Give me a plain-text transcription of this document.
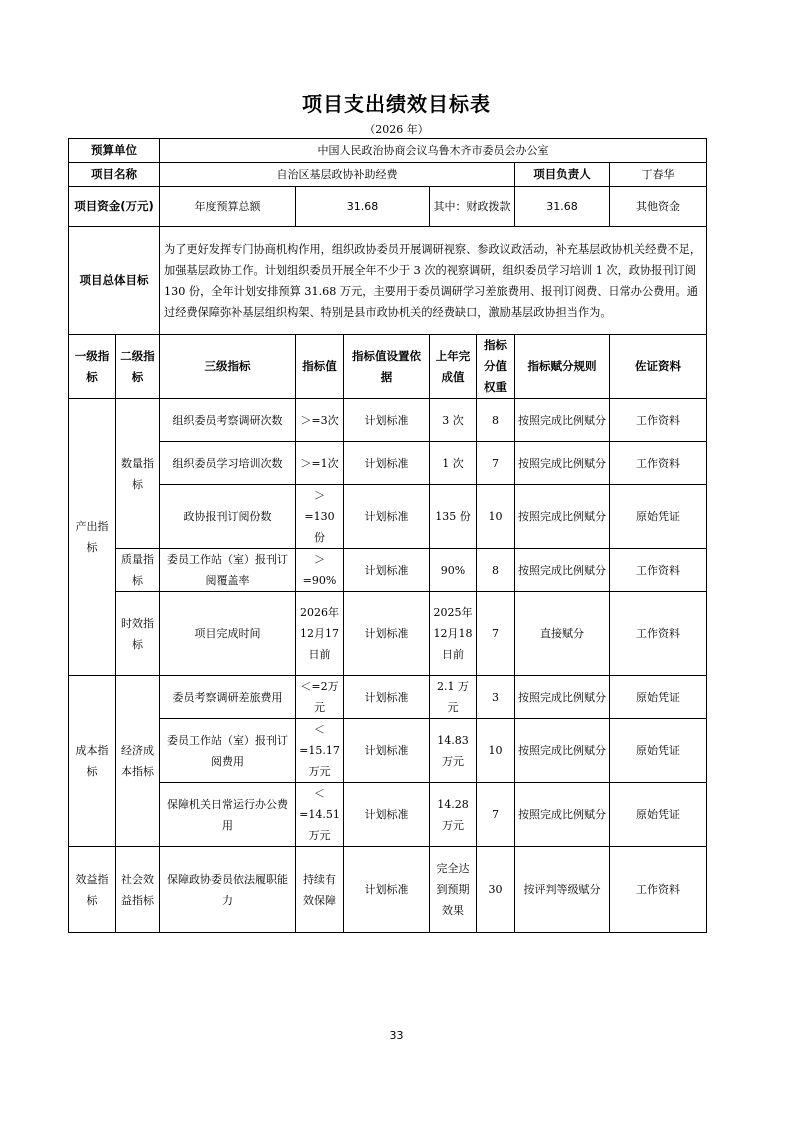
项目支出绩效目标表
（2026 年）
预算单位		中国人民政治协商会议乌鲁木齐市委员会办公室							
项目名称		自治区基层政协补助经费					项目负责人	丁春华	
项目资金(万元)		年度预算总额	31.68		其中：财政拨款		31.68	其他资金	
项目总体目标		为了更好发挥专门协商机构作用，组织政协委员开展调研视察、参政议政活动，补充基层政协机关经费不足，加强基层政协工作。计划组织委员开展全年不少于 3 次的视察调研，组织委员学习培训 1 次，政协报刊订阅 130 份，全年计划安排预算 31.68 万元，主要用于委员调研学习差旅费用、报刊订阅费、日常办公费用。通过经费保障弥补基层组织构架、特别是县市政协机关的经费缺口，激励基层政协担当作为。							
一级指标	二级指标	三级指标	指标值	指标值设置依据	上年完成值	指标分值权重	指标赋分规则	佐证资料	
产出指标	数量指标	组织委员考察调研次数	＞=3次	计划标准	3 次	8	按照完成比例赋分	工作资料	
		组织委员学习培训次数	＞=1次	计划标准	1 次	7	按照完成比例赋分	工作资料	
		政协报刊订阅份数	＞=130份	计划标准	135 份	10	按照完成比例赋分	原始凭证	
	质量指标	委员工作站（室）报刊订阅覆盖率	＞=90%	计划标准	90%	8	按照完成比例赋分	工作资料	
	时效指标	项目完成时间	2026年12月17日前	计划标准	2025年12月18日前	7	直接赋分	工作资料	
成本指标	经济成本指标	委员考察调研差旅费用	＜=2万元	计划标准	2.1 万元	3	按照完成比例赋分	原始凭证	
		委员工作站（室）报刊订阅费用	＜=15.17万元	计划标准	14.83万元	10	按照完成比例赋分	原始凭证	
		保障机关日常运行办公费用	＜=14.51万元	计划标准	14.28万元	7	按照完成比例赋分	原始凭证	
效益指标	社会效益指标	保障政协委员依法履职能力	持续有效保障	计划标准	完全达到预期效果	30	按评判等级赋分	工作资料	
33
